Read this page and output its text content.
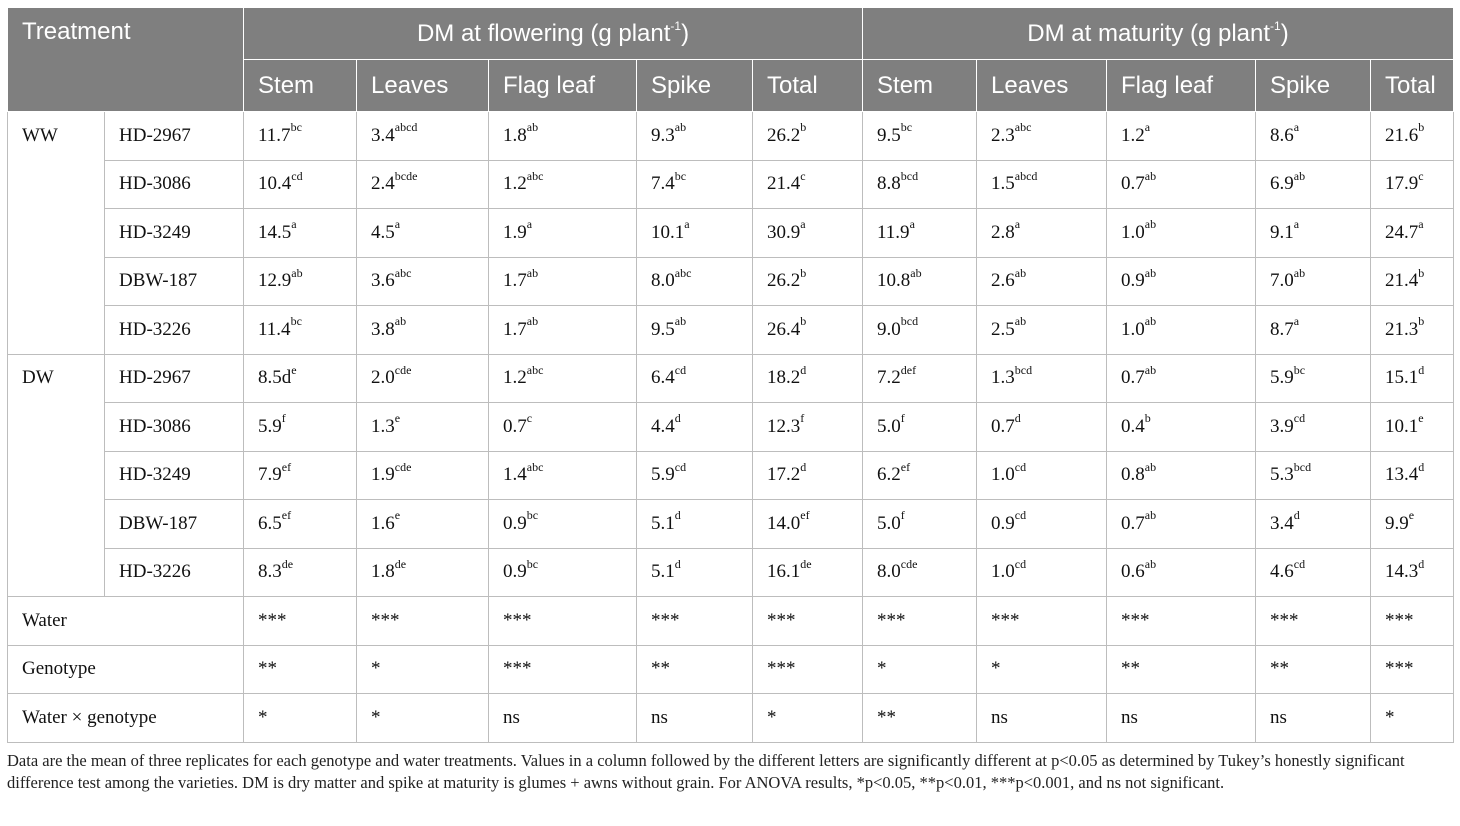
Treatment		DM at flowering (g plant$^{-1}$)					DM at maturity (g plant$^{-1}$)				
		Stem	Leaves	Flag leaf	Spike	Total	Stem	Leaves	Flag leaf	Spike	Total
WW	HD-2967	11.7$^{bc}$	$3.4^{abcd}$	1.8$^{ab}$	9.3$^{ab}$	26.2$^b$	9.5$^{bc}$	2.3$^{abc}$	1.2$^a$	8.6$^a$	21.6$^b$
	HD-3086	10.4$^{cd}$	$2.4^{bcde}$	1.2$^{abc}$	7.4$^{bc}$	21.4$^c$	8.8$^{bcd}$	$1.5^{abcd}$	0.7$^{ab}$	6.9$^{ab}$	17.9$^c$
	HD-3249	14.5$^a$	4.5$^a$	1.9$^a$	10.1$^a$	30.9$^a$	11.9$^a$	2.8$^a$	1.0$^{ab}$	9.1$^a$	24.7$^a$
	DBW-187	12.9$^{ab}$	3.6$^{abc}$	1.7$^{ab}$	8.0$^{abc}$	26.2$^b$	10.8$^{ab}$	2.6$^{ab}$	0.9$^{ab}$	7.0$^{ab}$	21.4$^b$
	HD-3226	11.4$^{bc}$	3.8$^{ab}$	1.7$^{ab}$	9.5$^{ab}$	26.4$^b$	9.0$^{bcd}$	2.5$^{ab}$	1.0$^{ab}$	8.7$^a$	21.3$^b$
DW	HD-2967	$8.5d^e$	2.0$^{cde}$	1.2$^{abc}$	6.4$^{cd}$	18.2$^d$	7.2$^{def}$	1.3$^{bcd}$	0.7$^{ab}$	5.9$^{bc}$	15.1$^d$
	HD-3086	5.9$^f$	1.3e	0.7$^c$	4.4$^d$	12.3$^f$	5.0$^f$	0.7$^d$	0.4$^b$	3.9$^{cd}$	10.1e
	HD-3249	7.9$^{ef}$	1.9$^{cde}$	1.4$^{abc}$	5.9$^{cd}$	17.2$^d$	6.2$^{ef}$	1.0$^{cd}$	0.8$^{ab}$	5.3$^{bcd}$	13.4$^d$
	DBW-187	6.5$^{ef}$	1.6e	0.9$^{bc}$	5.1$^d$	14.0$^{ef}$	5.0$^f$	0.9$^{cd}$	0.7$^{ab}$	3.4$^d$	9.9e
	HD-3226	8.3de	1.8de	0.9$^{bc}$	5.1$^d$	16.1de	8.0$^{cde}$	1.0$^{cd}$	0.6$^{ab}$	4.6$^{cd}$	14.3$^d$
Water		***	***	***	***	***	***	***	***	***	***
Genotype		**	*	***	**	***	*	*	**	**	***
Water × genotype		*	*	ns	ns	*	**	ns	ns	ns	*
Data are the mean of three replicates for each genotype and water treatments. Values in a column followed by the different letters are significantly different at p<0.05 as determined by Tukey’s honestly significant difference test among the varieties. DM is dry matter and spike at maturity is glumes + awns without grain. For ANOVA results, *p<0.05, **p<0.01, ***p<0.001, and ns not significant.
